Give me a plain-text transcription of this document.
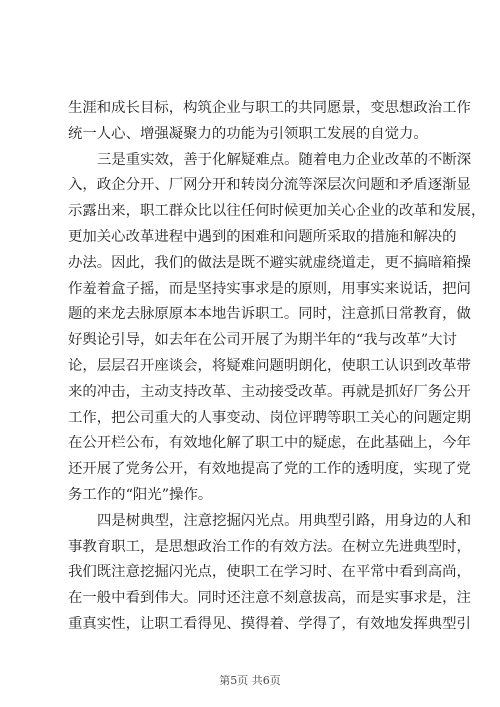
生涯和成长目标，构筑企业与职工的共同愿景，变思想政治工作
统一人心、增强凝聚力的功能为引领职工发展的自觉力。
三是重实效，善于化解疑难点。随着电力企业改革的不断深
入，政企分开、厂网分开和转岗分流等深层次问题和矛盾逐渐显
示露出来，职工群众比以往任何时候更加关心企业的改革和发展，
更加关心改革进程中遇到的困难和问题所采取的措施和解决的
办法。因此，我们的做法是既不避实就虚绕道走，更不搞暗箱操
作羞着盒子摇，而是坚持实事求是的原则，用事实来说话，把问
题的来龙去脉原原本本地告诉职工。同时，注意抓日常教育，做
好舆论引导，如去年在公司开展了为期半年的“我与改革”大讨
论，层层召开座谈会，将疑难问题明朗化，使职工认识到改革带
来的冲击，主动支持改革、主动接受改革。再就是抓好厂务公开
工作，把公司重大的人事变动、岗位评聘等职工关心的问题定期
在公开栏公布，有效地化解了职工中的疑虑，在此基础上，今年
还开展了党务公开，有效地提高了党的工作的透明度，实现了党
务工作的“阳光”操作。
四是树典型，注意挖掘闪光点。用典型引路，用身边的人和
事教育职工，是思想政治工作的有效方法。在树立先进典型时，
我们既注意挖掘闪光点，使职工在学习时、在平常中看到高尚，
在一般中看到伟大。同时还注意不刻意拔高，而是实事求是，注
重真实性，让职工看得见、摸得着、学得了，有效地发挥典型引
第5页 共6页
